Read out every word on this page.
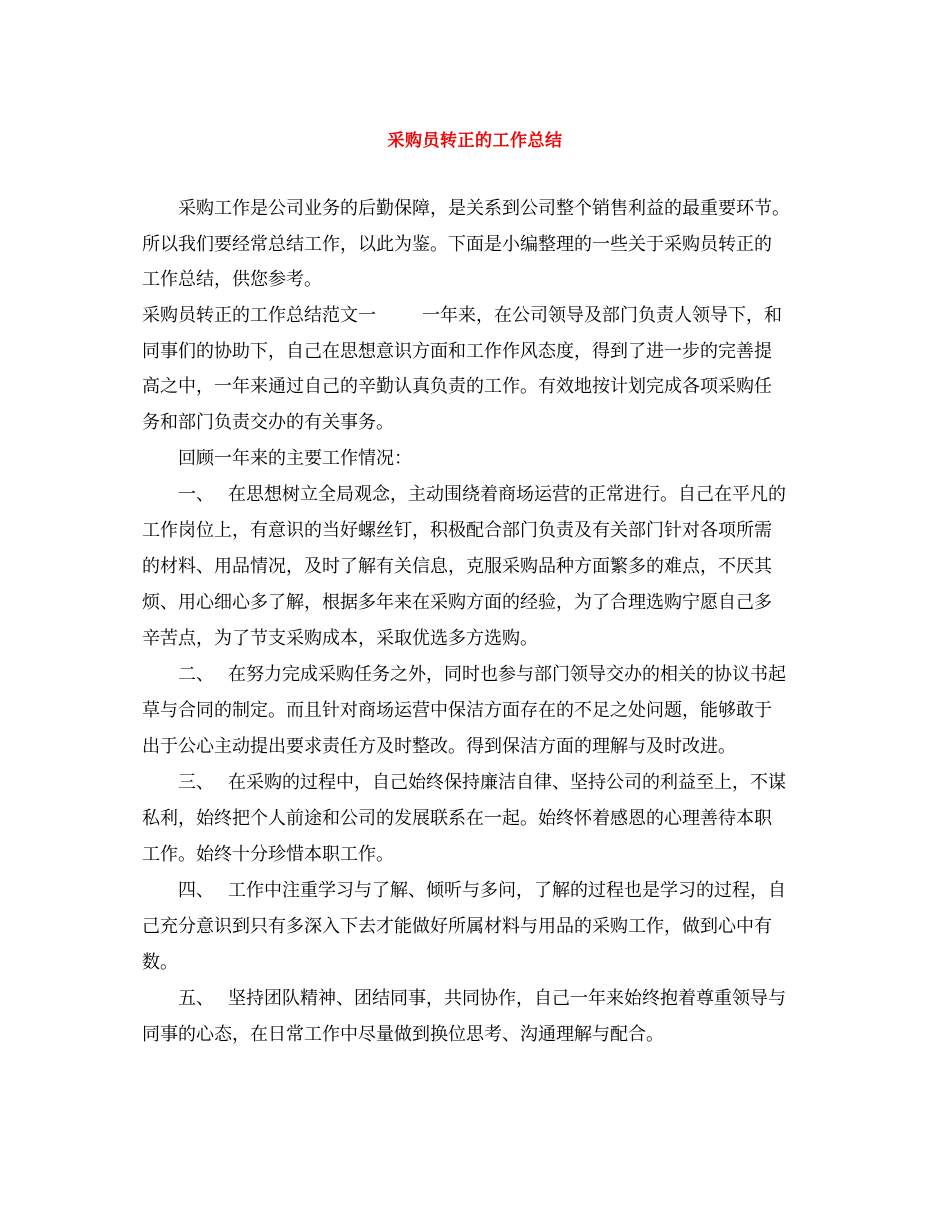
采购员转正的工作总结
采购工作是公司业务的后勤保障，是关系到公司整个销售利益的最重要环节。
所以我们要经常总结工作，以此为鉴。下面是小编整理的一些关于采购员转正的
工作总结，供您参考。
采购员转正的工作总结范文一	一年来，在公司领导及部门负责人领导下，和
同事们的协助下，自己在思想意识方面和工作作风态度，得到了进一步的完善提
高之中，一年来通过自己的辛勤认真负责的工作。有效地按计划完成各项采购任
务和部门负责交办的有关事务。
回顾一年来的主要工作情况：
一、 在思想树立全局观念，主动围绕着商场运营的正常进行。自己在平凡的
工作岗位上，有意识的当好螺丝钉，积极配合部门负责及有关部门针对各项所需
的材料、用品情况，及时了解有关信息，克服采购品种方面繁多的难点，不厌其
烦、用心细心多了解，根据多年来在采购方面的经验，为了合理选购宁愿自己多
辛苦点，为了节支采购成本，采取优选多方选购。
二、 在努力完成采购任务之外，同时也参与部门领导交办的相关的协议书起
草与合同的制定。而且针对商场运营中保洁方面存在的不足之处问题，能够敢于
出于公心主动提出要求责任方及时整改。得到保洁方面的理解与及时改进。
三、 在采购的过程中，自己始终保持廉洁自律、坚持公司的利益至上，不谋
私利，始终把个人前途和公司的发展联系在一起。始终怀着感恩的心理善待本职
工作。始终十分珍惜本职工作。
四、 工作中注重学习与了解、倾听与多问，了解的过程也是学习的过程，自
己充分意识到只有多深入下去才能做好所属材料与用品的采购工作，做到心中有
数。
五、 坚持团队精神、团结同事，共同协作，自己一年来始终抱着尊重领导与
同事的心态，在日常工作中尽量做到换位思考、沟通理解与配合。
